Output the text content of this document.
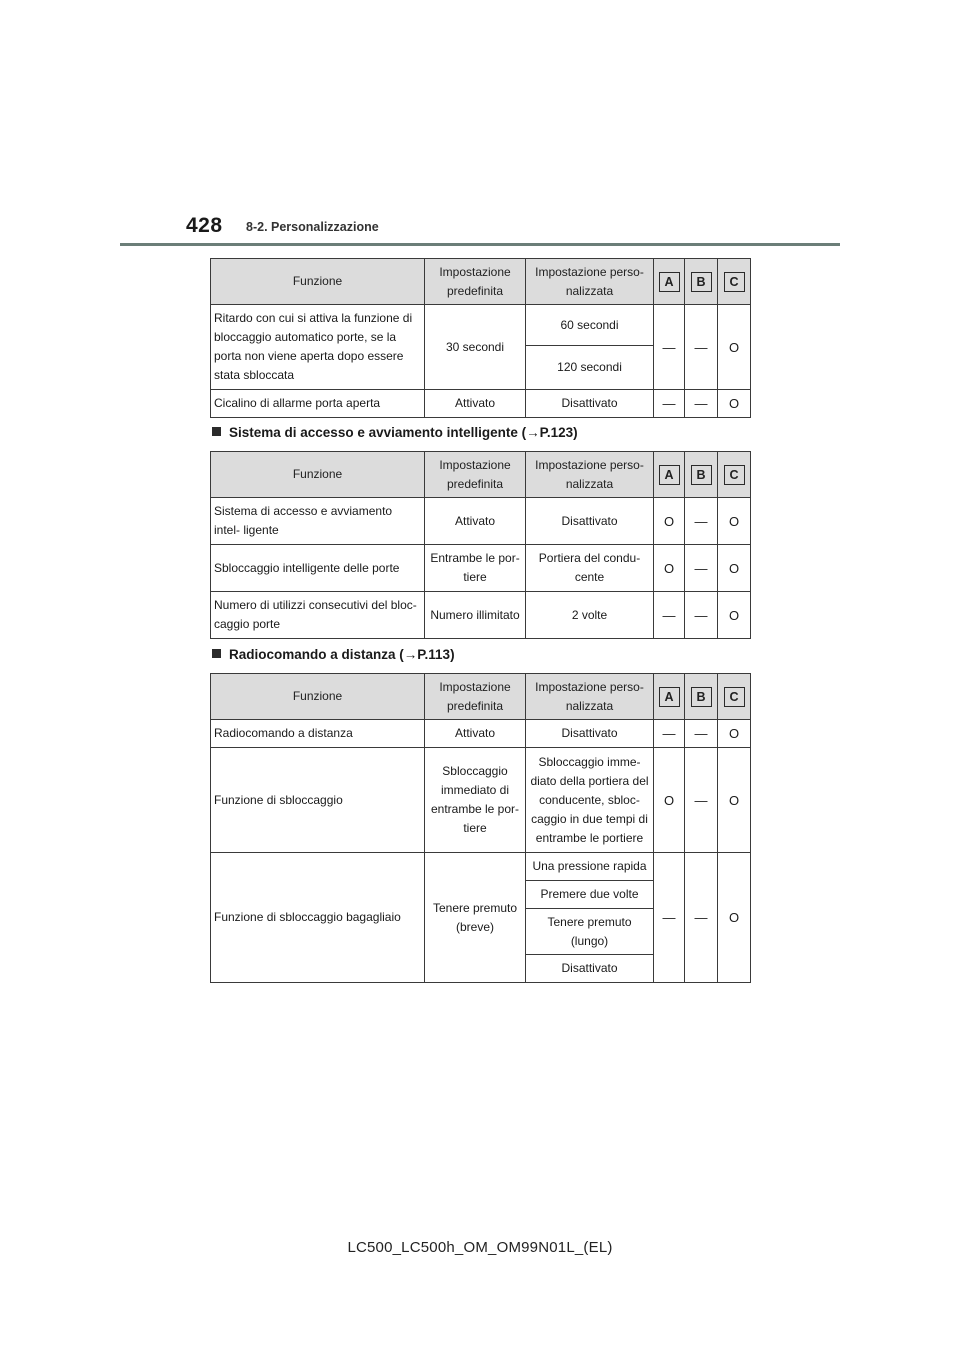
428 8-2. Personalizzazione
Funzione	Impostazione predefinita	Impostazione perso- nalizzata	A	B	C
Ritardo con cui si attiva la funzione di bloccaggio automatico porte, se la porta non viene aperta dopo essere stata sbloccata	30 secondi	60 secondi	—	—	O
		120 secondi			
Cicalino di allarme porta aperta	Attivato	Disattivato	—	—	O
Sistema di accesso e avviamento intelligente (→P.123)
Funzione	Impostazione predefinita	Impostazione perso- nalizzata	A	B	C
Sistema di accesso e avviamento intel- ligente	Attivato	Disattivato	O	—	O
Sbloccaggio intelligente delle porte	Entrambe le por- tiere	Portiera del condu- cente	O	—	O
Numero di utilizzi consecutivi del bloc- caggio porte	Numero illimitato	2 volte	—	—	O
Radiocomando a distanza (→P.113)
Funzione	Impostazione predefinita	Impostazione perso- nalizzata	A	B	C
Radiocomando a distanza	Attivato	Disattivato	—	—	O
Funzione di sbloccaggio	Sbloccaggio immediato di entrambe le por- tiere	Sbloccaggio imme- diato della portiera del conducente, sbloc- caggio in due tempi di entrambe le portiere	O	—	O
Funzione di sbloccaggio bagagliaio	Tenere premuto (breve)	Una pressione rapida	—	—	O
		Premere due volte			
		Tenere premuto (lungo)			
		Disattivato			
LC500_LC500h_OM_OM99N01L_(EL)
